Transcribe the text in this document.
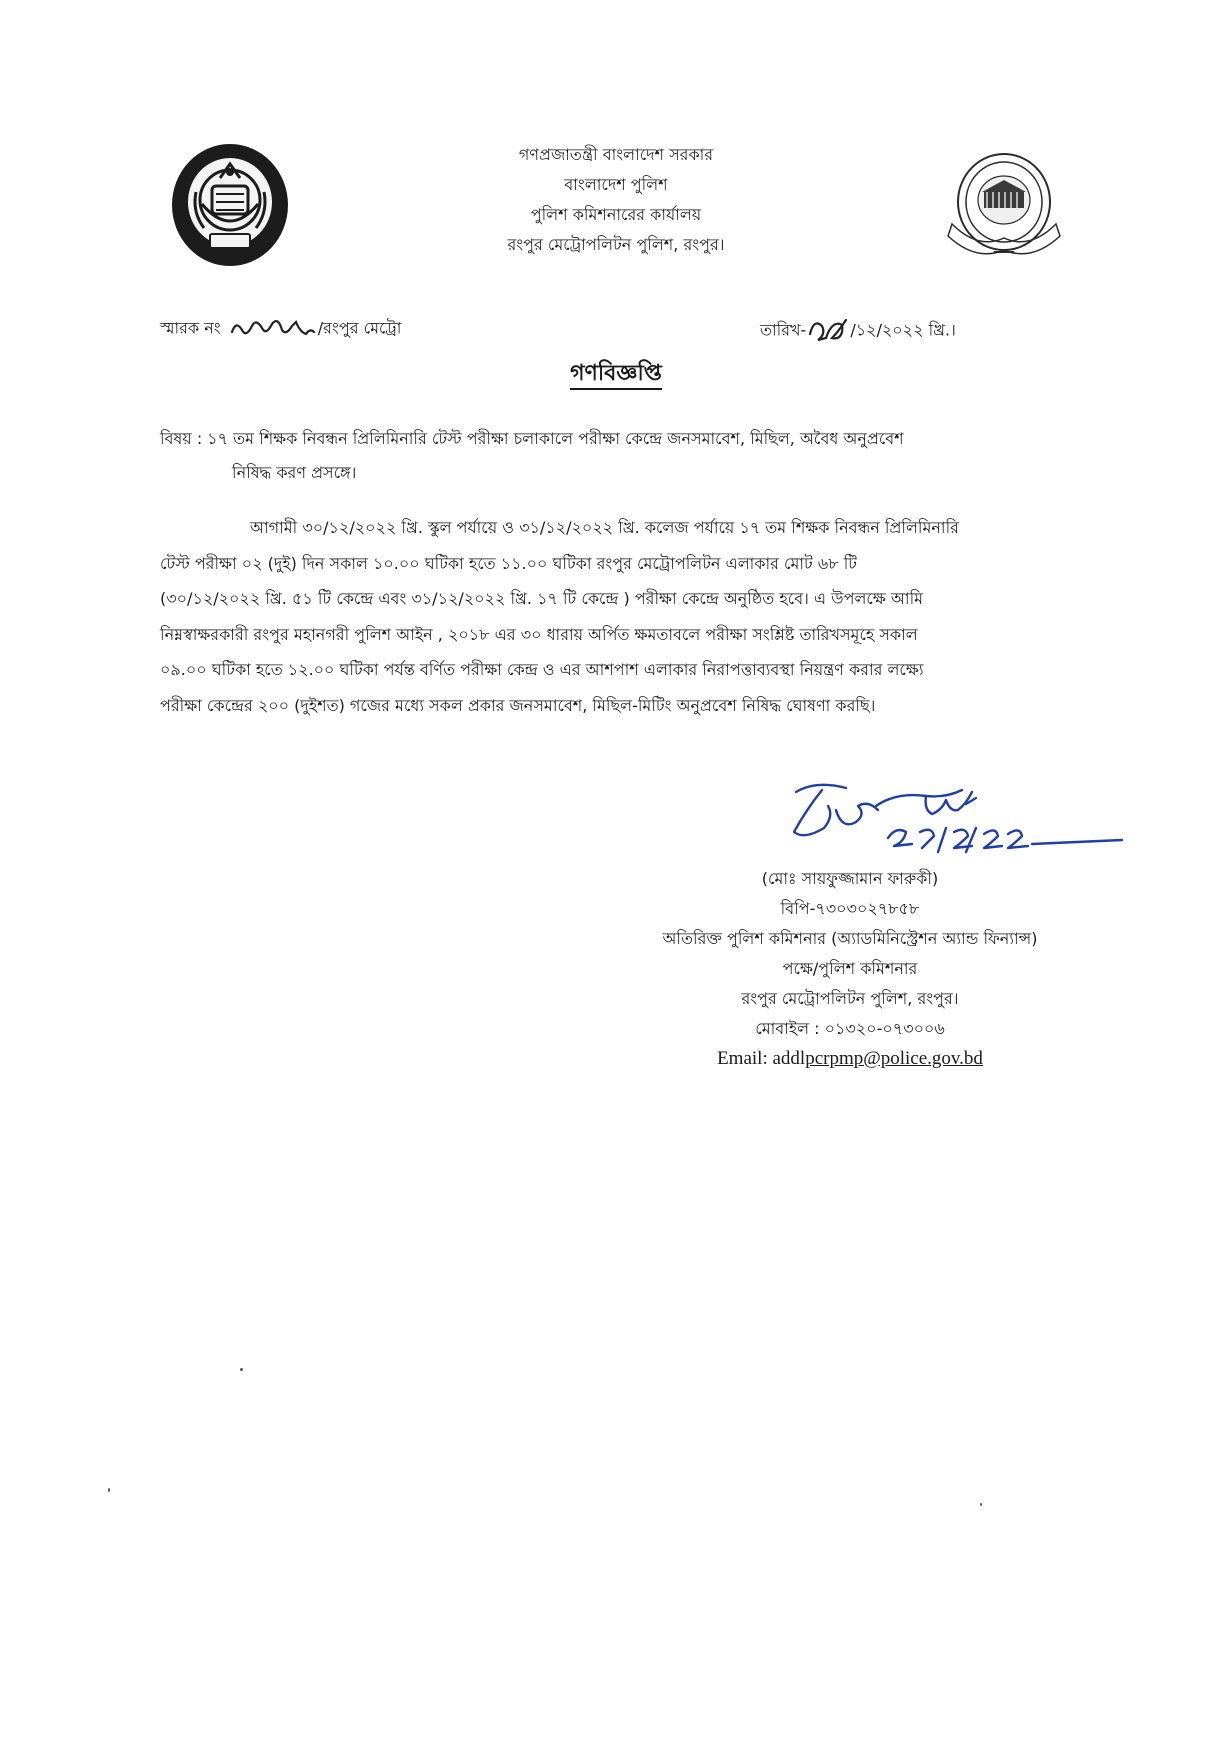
গণপ্রজাতন্ত্রী বাংলাদেশ সরকার
বাংলাদেশ পুলিশ
পুলিশ কমিশনারের কার্যালয়
রংপুর মেট্রোপলিটন পুলিশ, রংপুর।
স্মারক নং	/রংপুর মেট্রো	তারিখ-	/১২/২০২২ খ্রি.।
গণবিজ্ঞপ্তি
বিষয় : ১৭ তম শিক্ষক নিবন্ধন প্রিলিমিনারি টেস্ট পরীক্ষা চলাকালে পরীক্ষা কেন্দ্রে জনসমাবেশ, মিছিল, অবৈধ অনুপ্রবেশ
নিষিদ্ধ করণ প্রসঙ্গে।
আগামী ৩০/১২/২০২২ খ্রি. স্কুল পর্যায়ে ও ৩১/১২/২০২২ খ্রি. কলেজ পর্যায়ে ১৭ তম শিক্ষক নিবন্ধন প্রিলিমিনারি
টেস্ট পরীক্ষা ০২ (দুই) দিন সকাল ১০.০০ ঘটিকা হতে ১১.০০ ঘটিকা রংপুর মেট্রোপলিটন এলাকার মোট ৬৮ টি
(৩০/১২/২০২২ খ্রি. ৫১ টি কেন্দ্রে এবং ৩১/১২/২০২২ খ্রি. ১৭ টি কেন্দ্রে ) পরীক্ষা কেন্দ্রে অনুষ্ঠিত হবে। এ উপলক্ষে আমি
নিম্নস্বাক্ষরকারী রংপুর মহানগরী পুলিশ আইন , ২০১৮ এর ৩০ ধারায় অর্পিত ক্ষমতাবলে পরীক্ষা সংশ্লিষ্ট তারিখসমূহে সকাল
০৯.০০ ঘটিকা হতে ১২.০০ ঘটিকা পর্যন্ত বর্ণিত পরীক্ষা কেন্দ্র ও এর আশপাশ এলাকার নিরাপত্তাব্যবস্থা নিয়ন্ত্রণ করার লক্ষ্যে
পরীক্ষা কেন্দ্রের ২০০ (দুইশত) গজের মধ্যে সকল প্রকার জনসমাবেশ, মিছিল-মিটিং অনুপ্রবেশ নিষিদ্ধ ঘোষণা করছি।
(মোঃ সায়ফুজ্জামান ফারুকী)
বিপি-৭৩০৩০২৭৮৫৮
অতিরিক্ত পুলিশ কমিশনার (অ্যাডমিনিস্ট্রেশন অ্যান্ড ফিন্যান্স)
পক্ষে/পুলিশ কমিশনার
রংপুর মেট্রোপলিটন পুলিশ, রংপুর।
মোবাইল : ০১৩২০-০৭৩০০৬
Email: addlpcrpmp@police.gov.bd
